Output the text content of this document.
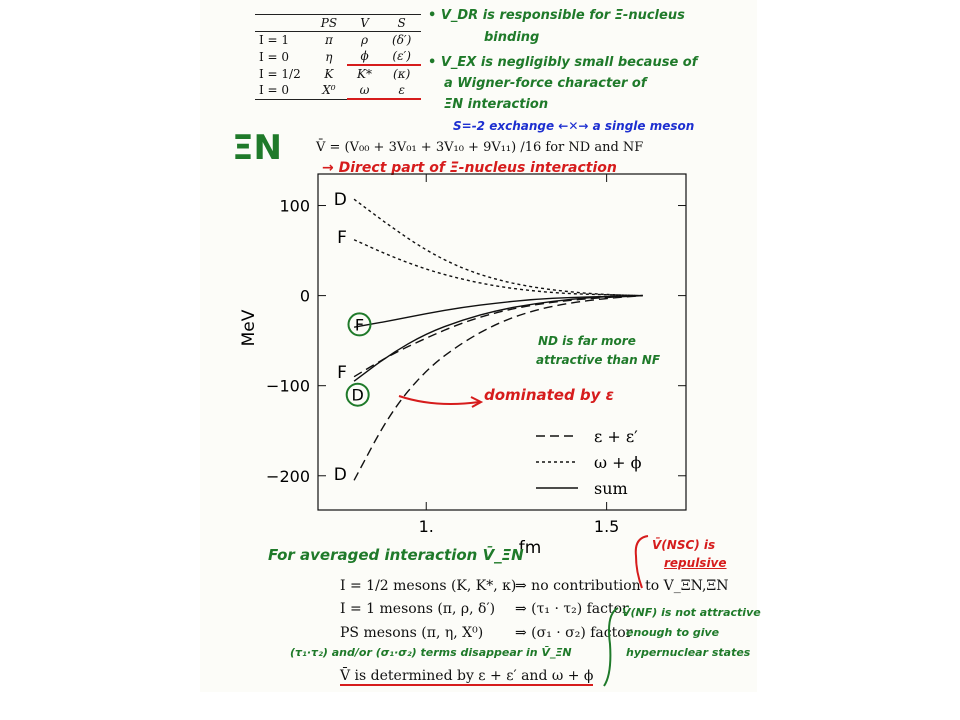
	PS	V	S
I = 1	π	ρ	(δ′)
I = 0	η	ϕ	(ε′)
I = 1/2	K	K*	(κ)
I = 0	X⁰	ω	ε
• V_DR is responsible for Ξ-nucleus
binding
• V_EX is negligibly small because of
a Wigner-force character of
ΞN interaction
S=-2 exchange ←✕→ a single meson
ΞN	V̄ = (V₀₀ + 3V₀₁ + 3V₁₀ + 9V₁₁) /16 for ND and NF
→ Direct part of Ξ-nucleus interaction
MeV
fm
100
0
−100
−200
1.	1.5
D
F
F
D
F
D
ε + ε′
ω + ϕ
sum
ND is far more
attractive than NF
dominated by ε
For averaged interaction V̄_ΞN
I = 1/2 mesons (K, K*, κ)
⇒ no contribution to V_ΞN,ΞN
I = 1 mesons (π, ρ, δ′) ⇒ (τ₁ · τ₂) factor
PS mesons (π, η, X⁰) ⇒ (σ₁ · σ₂) factor
(τ₁·τ₂) and/or (σ₁·σ₂) terms disappear in V̄_ΞN
V̄ is determined by ε + ε′ and ω + ϕ
V̄(NSC) is
repulsive
V̄(NF) is not attractive
enough to give
hypernuclear states
